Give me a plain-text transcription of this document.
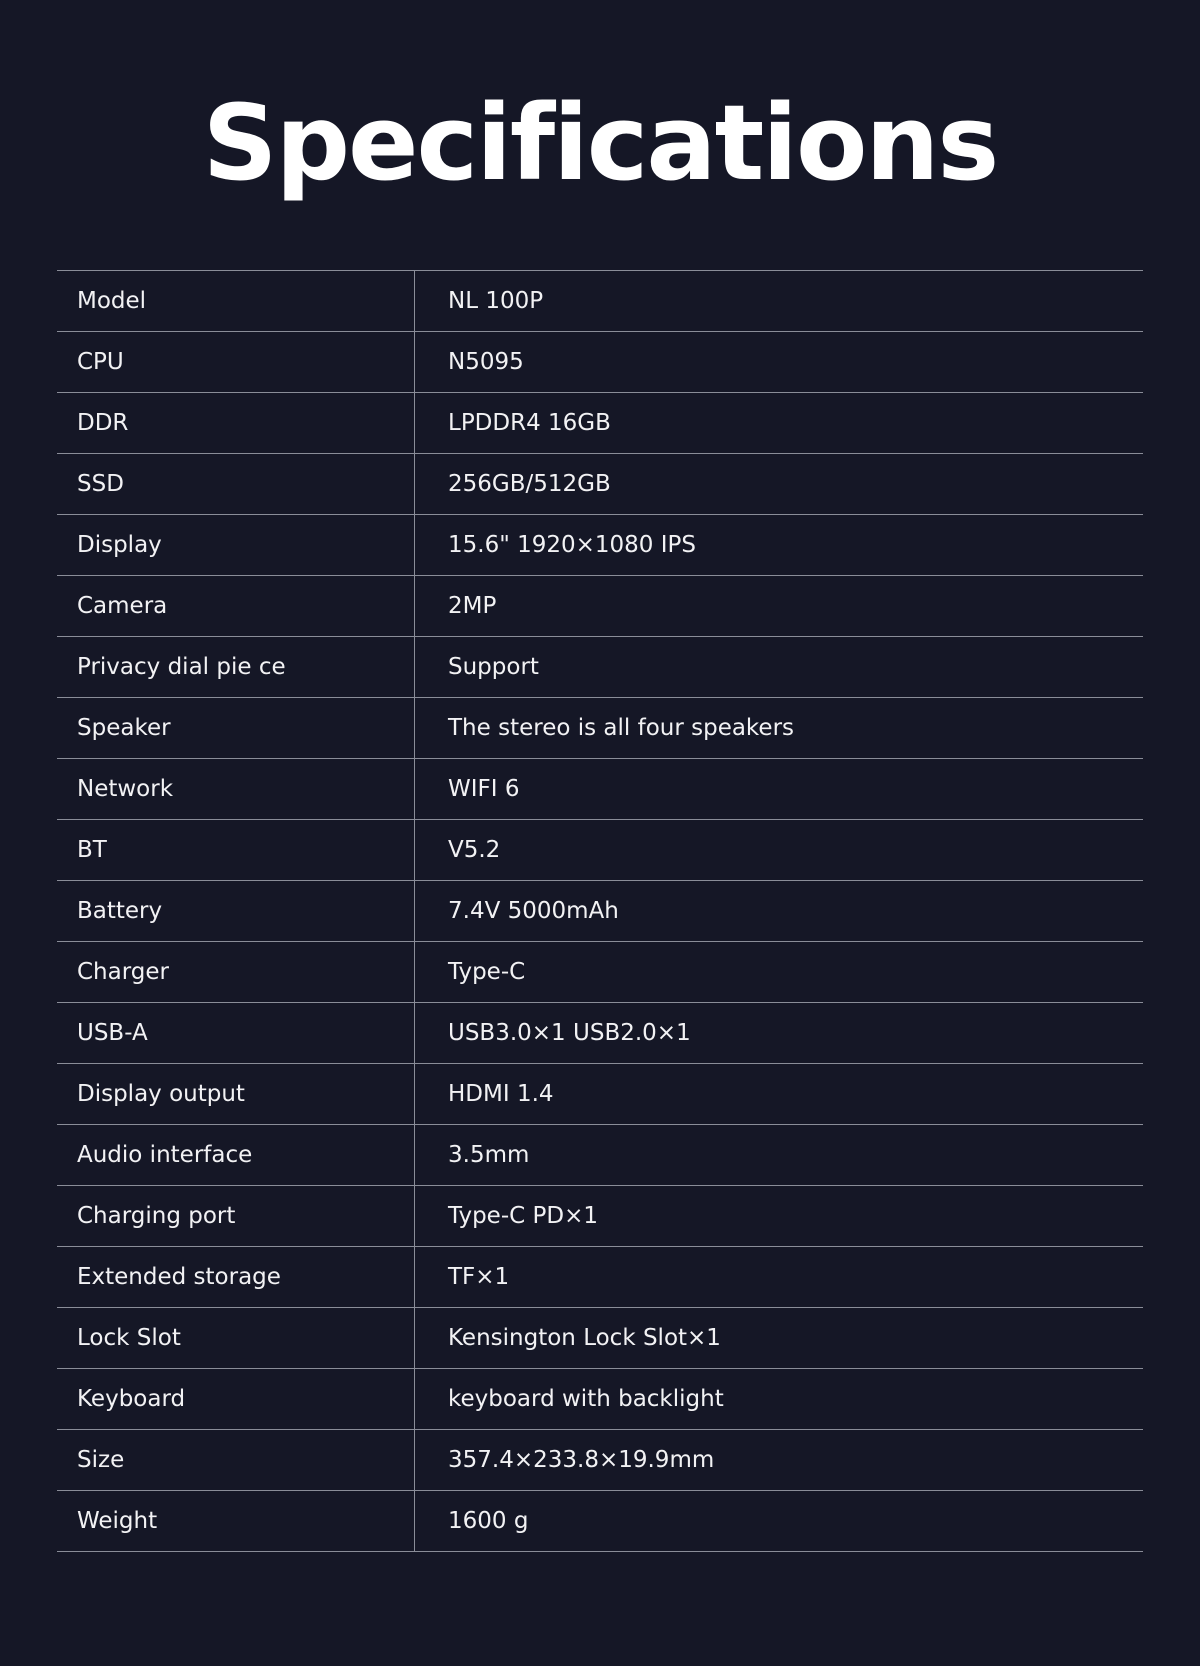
Specifications
Model	NL 100P
CPU	N5095
DDR	LPDDR4 16GB
SSD	256GB/512GB
Display	15.6" 1920×1080 IPS
Camera	2MP
Privacy dial pie ce	Support
Speaker	The stereo is all four speakers
Network	WIFI 6
BT	V5.2
Battery	7.4V 5000mAh
Charger	Type-C
USB-A	USB3.0×1 USB2.0×1
Display output	HDMI 1.4
Audio interface	3.5mm
Charging port	Type-C PD×1
Extended storage	TF×1
Lock Slot	Kensington Lock Slot×1
Keyboard	keyboard with backlight
Size	357.4×233.8×19.9mm
Weight	1600 g
